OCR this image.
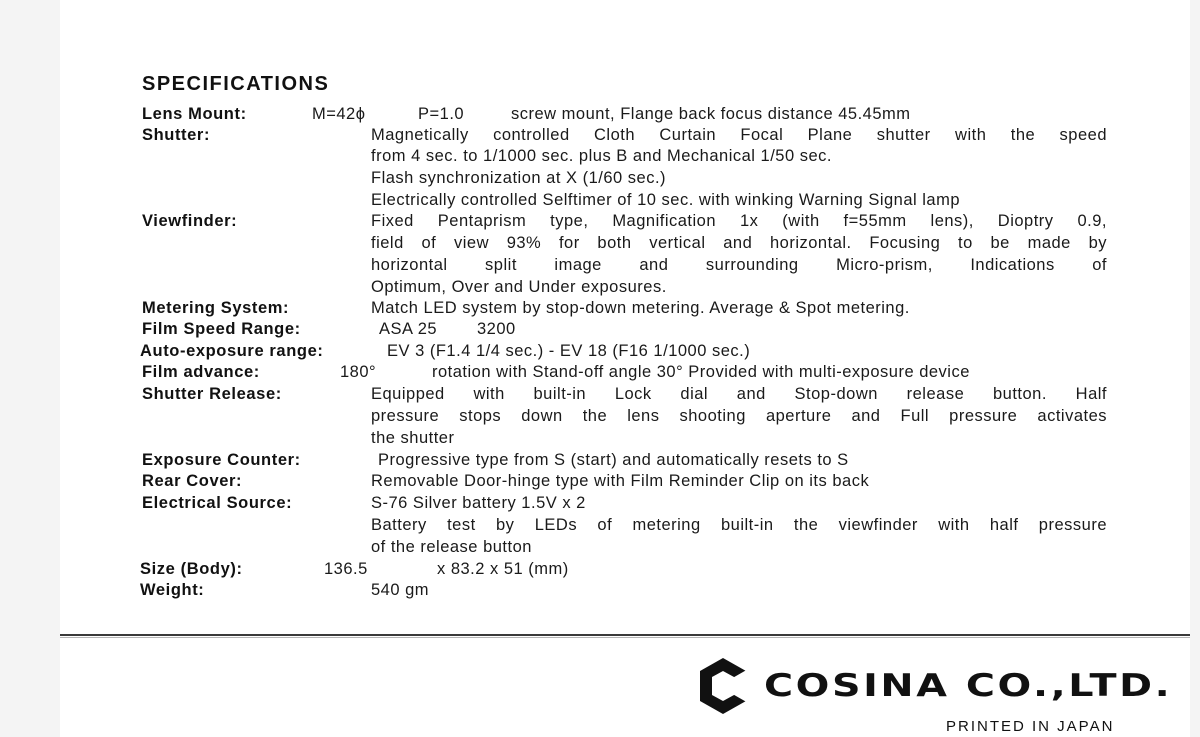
SPECIFICATIONS
Lens Mount:	M=42ϕ	P=1.0	screw mount, Flange back focus distance 45.45mm
Shutter:	Magnetically controlled Cloth Curtain Focal Plane shutter with the speed
from 4 sec. to 1/1000 sec. plus B and Mechanical 1/50 sec.
Flash synchronization at X (1/60 sec.)
Electrically controlled Selftimer of 10 sec. with winking Warning Signal lamp
Viewfinder:	Fixed Pentaprism type, Magnification 1x (with f=55mm lens), Dioptry 0.9,
field of view 93% for both vertical and horizontal. Focusing to be made by
horizontal split image and surrounding Micro-prism, Indications of
Optimum, Over and Under exposures.
Metering System:	Match LED system by stop-down metering. Average & Spot metering.
Film Speed Range:	ASA 25 3200
Auto-exposure range:	EV 3 (F1.4 1/4 sec.) - EV 18 (F16 1/1000 sec.)
Film advance:	180°	rotation with Stand-off angle 30° Provided with multi-exposure device
Shutter Release:	Equipped with built-in Lock dial and Stop-down release button. Half
pressure stops down the lens shooting aperture and Full pressure activates
the shutter
Exposure Counter:	Progressive type from S (start) and automatically resets to S
Rear Cover:	Removable Door-hinge type with Film Reminder Clip on its back
Electrical Source:	S-76 Silver battery 1.5V x 2
Battery test by LEDs of metering built-in the viewfinder with half pressure
of the release button
Size (Body):	136.5	x 83.2 x 51 (mm)
Weight:	540 gm
COSINA CO.,LTD.
PRINTED IN JAPAN
